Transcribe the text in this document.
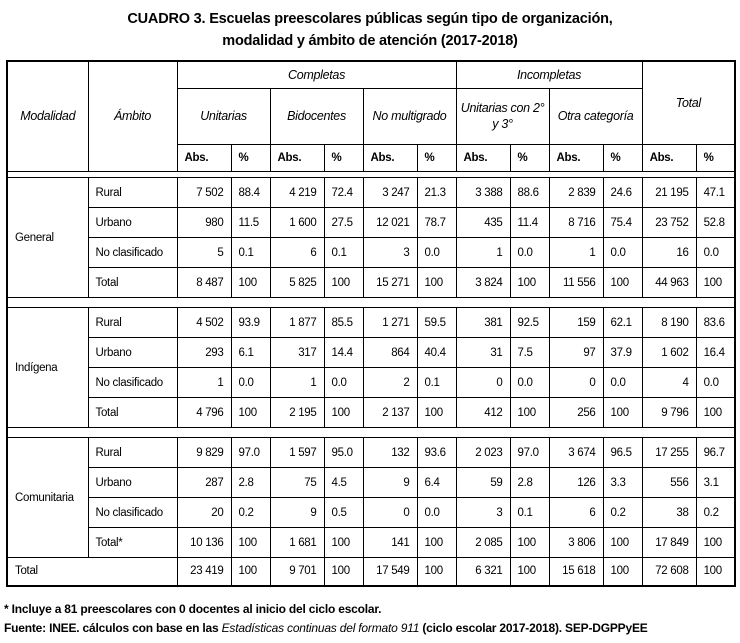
CUADRO 3. Escuelas preescolares públicas según tipo de organización,
modalidad y ámbito de atención (2017-2018)
Modalidad	Ámbito	Completas						Incompletas				Total	
		Unitarias		Bidocentes		No multigrado		Unitarias con 2° y 3°		Otra categoría			
		Abs.	%	Abs.	%	Abs.	%	Abs.	%	Abs.	%	Abs.	%

General	Rural	7 502	88.4	4 219	72.4	3 247	21.3	3 388	88.6	2 839	24.6	21 195	47.1
	Urbano	980	11.5	1 600	27.5	12 021	78.7	435	11.4	8 716	75.4	23 752	52.8
	No clasificado	5	0.1	6	0.1	3	0.0	1	0.0	1	0.0	16	0.0
	Total	8 487	100	5 825	100	15 271	100	3 824	100	11 556	100	44 963	100

Indígena	Rural	4 502	93.9	1 877	85.5	1 271	59.5	381	92.5	159	62.1	8 190	83.6
	Urbano	293	6.1	317	14.4	864	40.4	31	7.5	97	37.9	1 602	16.4
	No clasificado	1	0.0	1	0.0	2	0.1	0	0.0	0	0.0	4	0.0
	Total	4 796	100	2 195	100	2 137	100	412	100	256	100	9 796	100

Comunitaria	Rural	9 829	97.0	1 597	95.0	132	93.6	2 023	97.0	3 674	96.5	17 255	96.7
	Urbano	287	2.8	75	4.5	9	6.4	59	2.8	126	3.3	556	3.1
	No clasificado	20	0.2	9	0.5	0	0.0	3	0.1	6	0.2	38	0.2
	Total*	10 136	100	1 681	100	141	100	2 085	100	3 806	100	17 849	100
Total		23 419	100	9 701	100	17 549	100	6 321	100	15 618	100	72 608	100
* Incluye a 81 preescolares con 0 docentes al inicio del ciclo escolar.
Fuente: INEE. cálculos con base en las Estadísticas continuas del formato 911 (ciclo escolar 2017-2018). SEP-DGPPyEE
